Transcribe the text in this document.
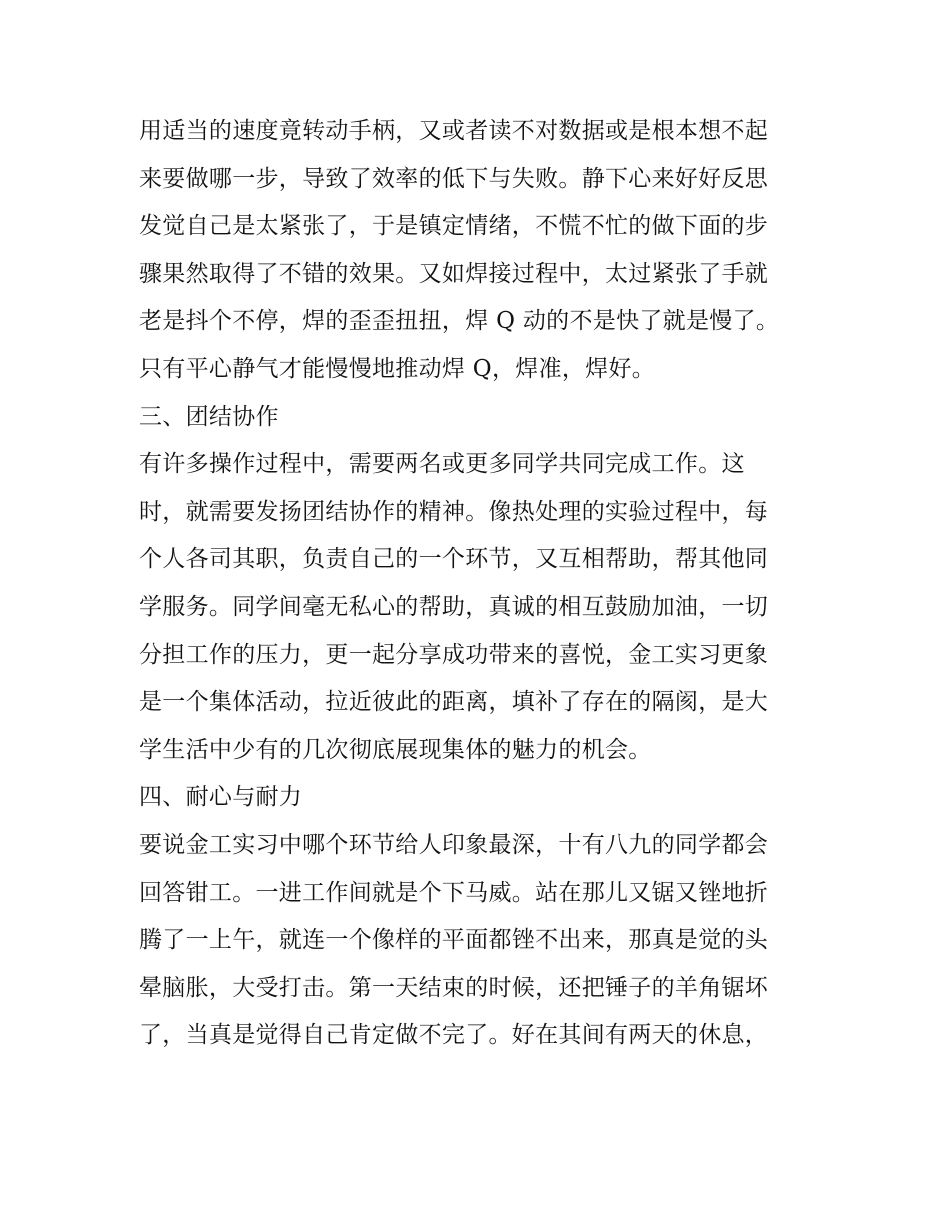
用适当的速度竟转动手柄，又或者读不对数据或是根本想不起
来要做哪一步，导致了效率的低下与失败。静下心来好好反思
发觉自己是太紧张了，于是镇定情绪，不慌不忙的做下面的步
骤果然取得了不错的效果。又如焊接过程中，太过紧张了手就
老是抖个不停，焊的歪歪扭扭，焊 Q 动的不是快了就是慢了。
只有平心静气才能慢慢地推动焊 Q，焊准，焊好。
三、团结协作
有许多操作过程中，需要两名或更多同学共同完成工作。这
时，就需要发扬团结协作的精神。像热处理的实验过程中，每
个人各司其职，负责自己的一个环节，又互相帮助，帮其他同
学服务。同学间毫无私心的帮助，真诚的相互鼓励加油，一切
分担工作的压力，更一起分享成功带来的喜悦，金工实习更象
是一个集体活动，拉近彼此的距离，填补了存在的隔阂，是大
学生活中少有的几次彻底展现集体的魅力的机会。
四、耐心与耐力
要说金工实习中哪个环节给人印象最深，十有八九的同学都会
回答钳工。一进工作间就是个下马威。站在那儿又锯又锉地折
腾了一上午，就连一个像样的平面都锉不出来，那真是觉的头
晕脑胀，大受打击。第一天结束的时候，还把锤子的羊角锯坏
了，当真是觉得自己肯定做不完了。好在其间有两天的休息，
